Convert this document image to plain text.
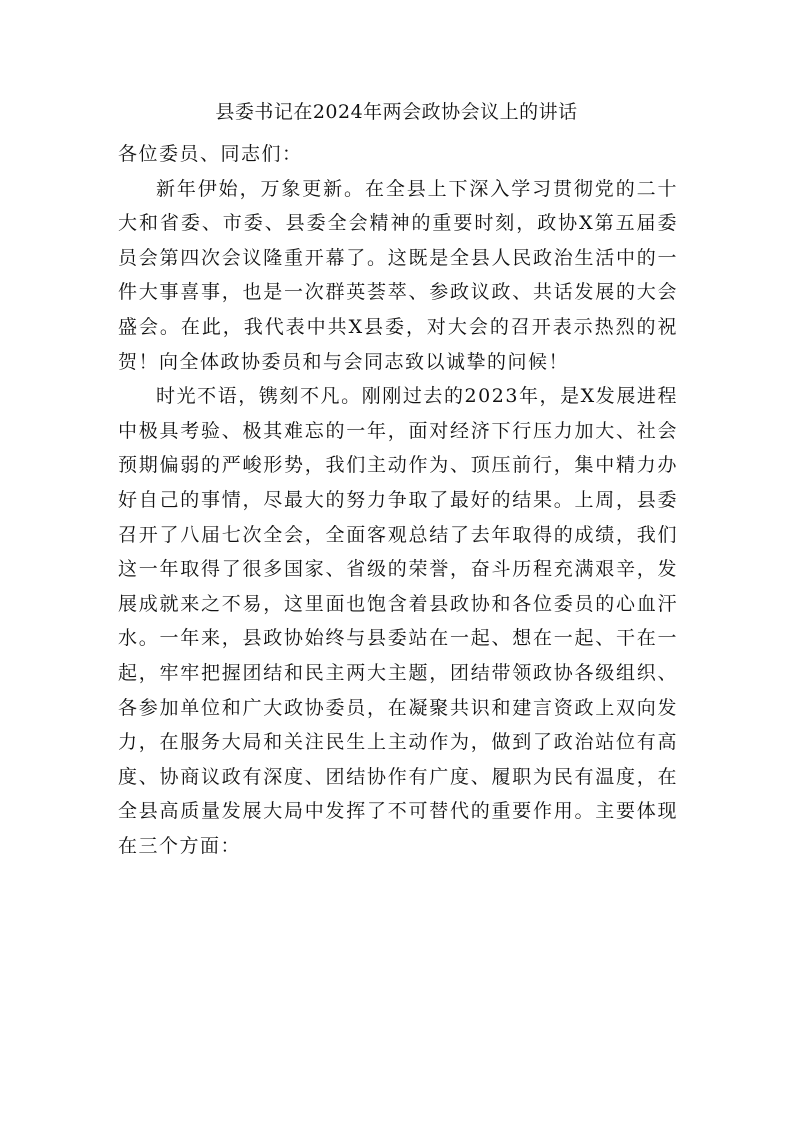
县委书记在2024年两会政协会议上的讲话

各位委员、同志们：

新年伊始，万象更新。在全县上下深入学习贯彻党的二十大和省委、市委、县委全会精神的重要时刻，政协X第五届委员会第四次会议隆重开幕了。这既是全县人民政治生活中的一件大事喜事，也是一次群英荟萃、参政议政、共话发展的大会盛会。在此，我代表中共X县委，对大会的召开表示热烈的祝贺！向全体政协委员和与会同志致以诚挚的问候！

时光不语，镌刻不凡。刚刚过去的2023年，是X发展进程中极具考验、极其难忘的一年，面对经济下行压力加大、社会预期偏弱的严峻形势，我们主动作为、顶压前行，集中精力办好自己的事情，尽最大的努力争取了最好的结果。上周，县委召开了八届七次全会，全面客观总结了去年取得的成绩，我们这一年取得了很多国家、省级的荣誉，奋斗历程充满艰辛，发展成就来之不易，这里面也饱含着县政协和各位委员的心血汗水。一年来，县政协始终与县委站在一起、想在一起、干在一起，牢牢把握团结和民主两大主题，团结带领政协各级组织、各参加单位和广大政协委员，在凝聚共识和建言资政上双向发力，在服务大局和关注民生上主动作为，做到了政治站位有高度、协商议政有深度、团结协作有广度、履职为民有温度，在全县高质量发展大局中发挥了不可替代的重要作用。主要体现在三个方面：
